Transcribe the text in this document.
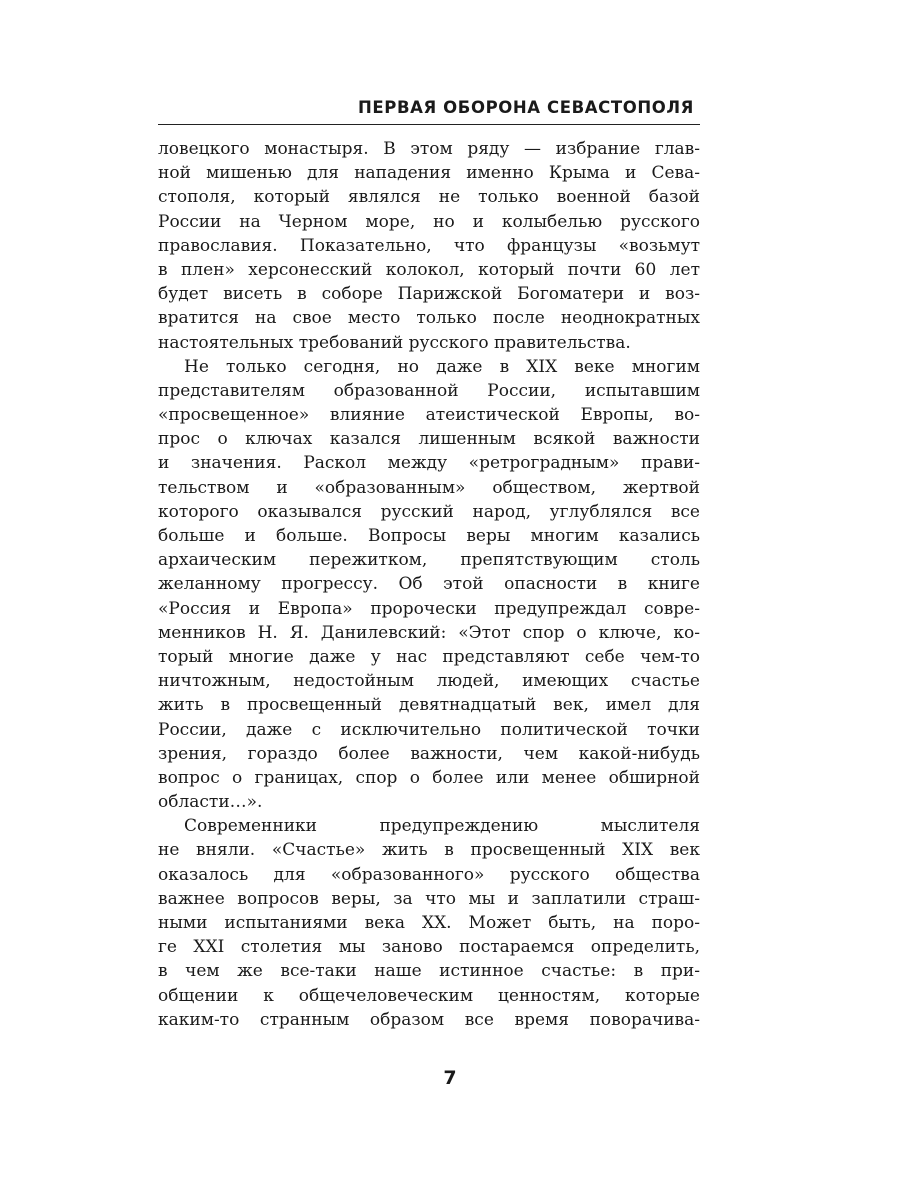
ПЕРВАЯ ОБОРОНА СЕВАСТОПОЛЯ
ловецкого монастыря. В этом ряду — избрание глав-
ной мишенью для нападения именно Крыма и Сева-
стополя, который являлся не только военной базой
России на Черном море, но и колыбелью русского
православия. Показательно, что французы «возьмут
в плен» херсонесский колокол, который почти 60 лет
будет висеть в соборе Парижской Богоматери и воз-
вратится на свое место только после неоднократных
настоятельных требований русского правительства.
Не только сегодня, но даже в XIX веке многим
представителям образованной России, испытавшим
«просвещенное» влияние атеистической Европы, во-
прос о ключах казался лишенным всякой важности
и значения. Раскол между «ретроградным» прави-
тельством и «образованным» обществом, жертвой
которого оказывался русский народ, углублялся все
больше и больше. Вопросы веры многим казались
архаическим пережитком, препятствующим столь
желанному прогрессу. Об этой опасности в книге
«Россия и Европа» пророчески предупреждал совре-
менников Н. Я. Данилевский: «Этот спор о ключе, ко-
торый многие даже у нас представляют себе чем-то
ничтожным, недостойным людей, имеющих счастье
жить в просвещенный девятнадцатый век, имел для
России, даже с исключительно политической точки
зрения, гораздо более важности, чем какой-нибудь
вопрос о границах, спор о более или менее обширной
области…».
Современники предупреждению мыслителя
не вняли. «Счастье» жить в просвещенный XIX век
оказалось для «образованного» русского общества
важнее вопросов веры, за что мы и заплатили страш-
ными испытаниями века XX. Может быть, на поро-
ге XXI столетия мы заново постараемся определить,
в чем же все-таки наше истинное счастье: в при-
общении к общечеловеческим ценностям, которые
каким-то странным образом все время поворачива-
7
